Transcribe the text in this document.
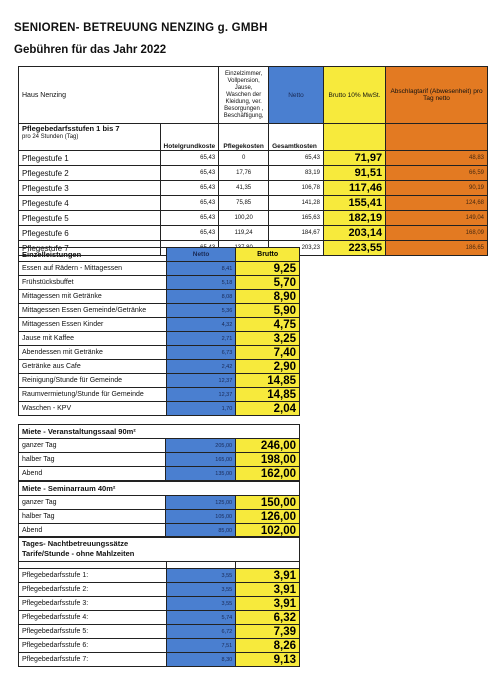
SENIOREN- BETREUUNG NENZING g. GMBH
Gebühren für das Jahr 2022
Haus Nenzing		Einzelzimmer, Vollpension, Jause, Waschen der Kleidung, ver. Besorgungen , Beschäftigung,	Netto	Brutto 10% MwSt.	Abschlagtarif (Abwesenheit) pro Tag netto

Pflegebedarfsstufen 1 bis 7
pro 24 Stunden (Tag)	Hotelgrundkoste	Pflegekosten	Gesamtkosten		
Pflegestufe 1	65,43	0	65,43	71,97	48,83
Pflegestufe 2	65,43	17,76	83,19	91,51	66,59
Pflegestufe 3	65,43	41,35	106,78	117,46	90,19
Pflegestufe 4	65,43	75,85	141,28	155,41	124,68
Pflegestufe 5	65,43	100,20	165,63	182,19	149,04
Pflegestufe 6	65,43	119,24	184,67	203,14	168,09
Pflegestufe 7			203,23	223,55	186,65
Einzelleistungen	Netto	Brutto
Essen auf Rädern - Mittagessen	8,41	9,25
Frühstücksbuffet	5,18	5,70
Mittagessen mit Getränke	8,08	8,90
Mittagessen Essen Gemeinde/Getränke	5,36	5,90
Mittagessen Essen Kinder	4,32	4,75
Jause mit Kaffee	2,71	3,25
Abendessen mit Getränke	6,73	7,40
Getränke aus Cafe	2,42	2,90
Reinigung/Stunde für Gemeinde	12,37	14,85
Raumvermietung/Stunde für Gemeinde	12,37	14,85
Waschen - KPV	1,70	2,04
Miete - Veranstaltungssaal 90m²		
ganzer Tag	205,00	246,00
halber Tag	165,00	198,00
Abend	135,00	162,00
Miete - Seminarraum 40m²		
ganzer Tag	125,00	150,00
halber Tag	105,00	126,00
Abend	85,00	102,00
Tages- Nachtbetreuungssätze
Tarife/Stunde - ohne Mahlzeiten		

Pflegebedarfsstufe 1:	3,55	3,91
Pflegebedarfsstufe 2:	3,55	3,91
Pflegebedarfsstufe 3:	3,55	3,91
Pflegebedarfsstufe 4:	5,74	6,32
Pflegebedarfsstufe 5:	6,72	7,39
Pflegebedarfsstufe 6:	7,51	8,26
Pflegebedarfsstufe 7:	8,30	9,13
